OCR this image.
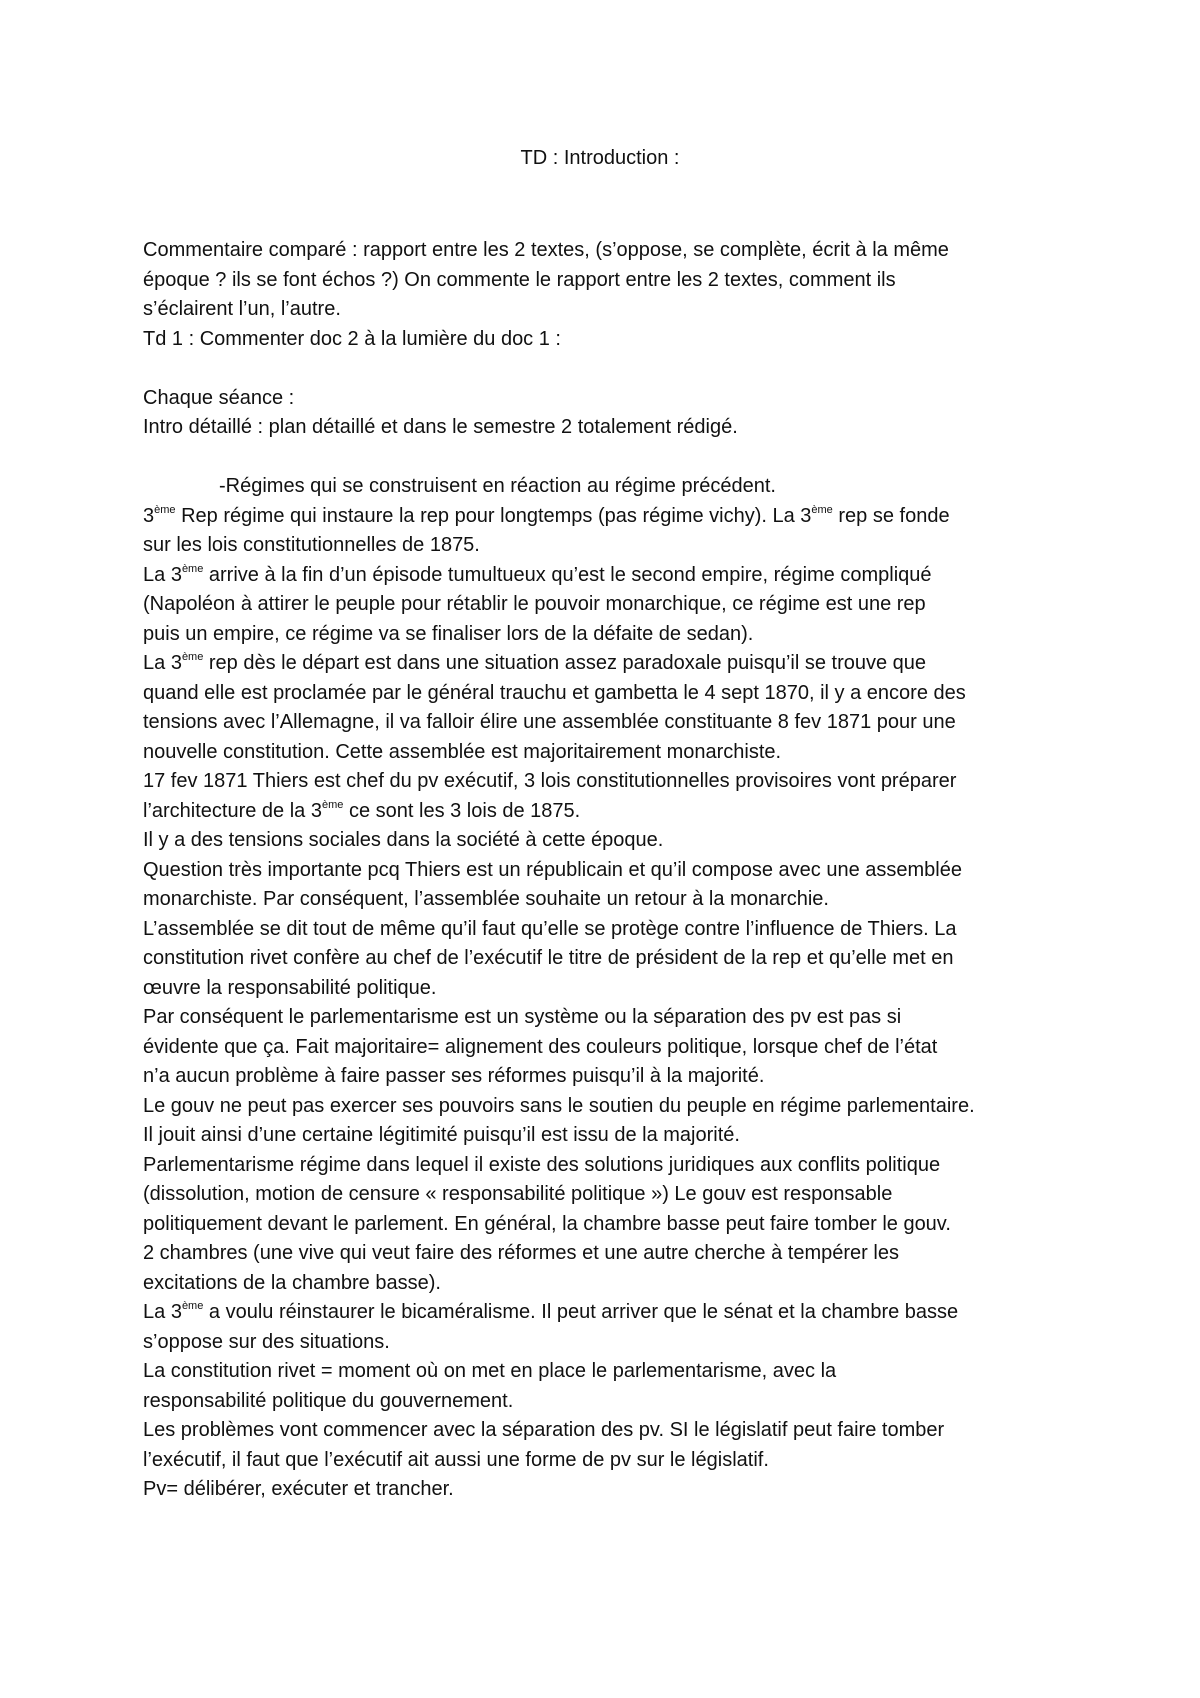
TD : Introduction :
Commentaire comparé : rapport entre les 2 textes, (s’oppose, se complète, écrit à la même
époque ? ils se font échos ?) On commente le rapport entre les 2 textes, comment ils
s’éclairent l’un, l’autre.
Td 1 : Commenter doc 2 à la lumière du doc 1 :
Chaque séance :
Intro détaillé : plan détaillé et dans le semestre 2 totalement rédigé.
-Régimes qui se construisent en réaction au régime précédent.
3ème Rep régime qui instaure la rep pour longtemps (pas régime vichy). La 3ème rep se fonde
sur les lois constitutionnelles de 1875.
La 3ème arrive à la fin d’un épisode tumultueux qu’est le second empire, régime compliqué
(Napoléon à attirer le peuple pour rétablir le pouvoir monarchique, ce régime est une rep
puis un empire, ce régime va se finaliser lors de la défaite de sedan).
La 3ème rep dès le départ est dans une situation assez paradoxale puisqu’il se trouve que
quand elle est proclamée par le général trauchu et gambetta le 4 sept 1870, il y a encore des
tensions avec l’Allemagne, il va falloir élire une assemblée constituante 8 fev 1871 pour une
nouvelle constitution. Cette assemblée est majoritairement monarchiste.
17 fev 1871 Thiers est chef du pv exécutif, 3 lois constitutionnelles provisoires vont préparer
l’architecture de la 3ème ce sont les 3 lois de 1875.
Il y a des tensions sociales dans la société à cette époque.
Question très importante pcq Thiers est un républicain et qu’il compose avec une assemblée
monarchiste. Par conséquent, l’assemblée souhaite un retour à la monarchie.
L’assemblée se dit tout de même qu’il faut qu’elle se protège contre l’influence de Thiers. La
constitution rivet confère au chef de l’exécutif le titre de président de la rep et qu’elle met en
œuvre la responsabilité politique.
Par conséquent le parlementarisme est un système ou la séparation des pv est pas si
évidente que ça. Fait majoritaire= alignement des couleurs politique, lorsque chef de l’état
n’a aucun problème à faire passer ses réformes puisqu’il à la majorité.
Le gouv ne peut pas exercer ses pouvoirs sans le soutien du peuple en régime parlementaire.
Il jouit ainsi d’une certaine légitimité puisqu’il est issu de la majorité.
Parlementarisme régime dans lequel il existe des solutions juridiques aux conflits politique
(dissolution, motion de censure « responsabilité politique ») Le gouv est responsable
politiquement devant le parlement. En général, la chambre basse peut faire tomber le gouv.
2 chambres (une vive qui veut faire des réformes et une autre cherche à tempérer les
excitations de la chambre basse).
La 3ème a voulu réinstaurer le bicaméralisme. Il peut arriver que le sénat et la chambre basse
s’oppose sur des situations.
La constitution rivet = moment où on met en place le parlementarisme, avec la
responsabilité politique du gouvernement.
Les problèmes vont commencer avec la séparation des pv. SI le législatif peut faire tomber
l’exécutif, il faut que l’exécutif ait aussi une forme de pv sur le législatif.
Pv= délibérer, exécuter et trancher.
